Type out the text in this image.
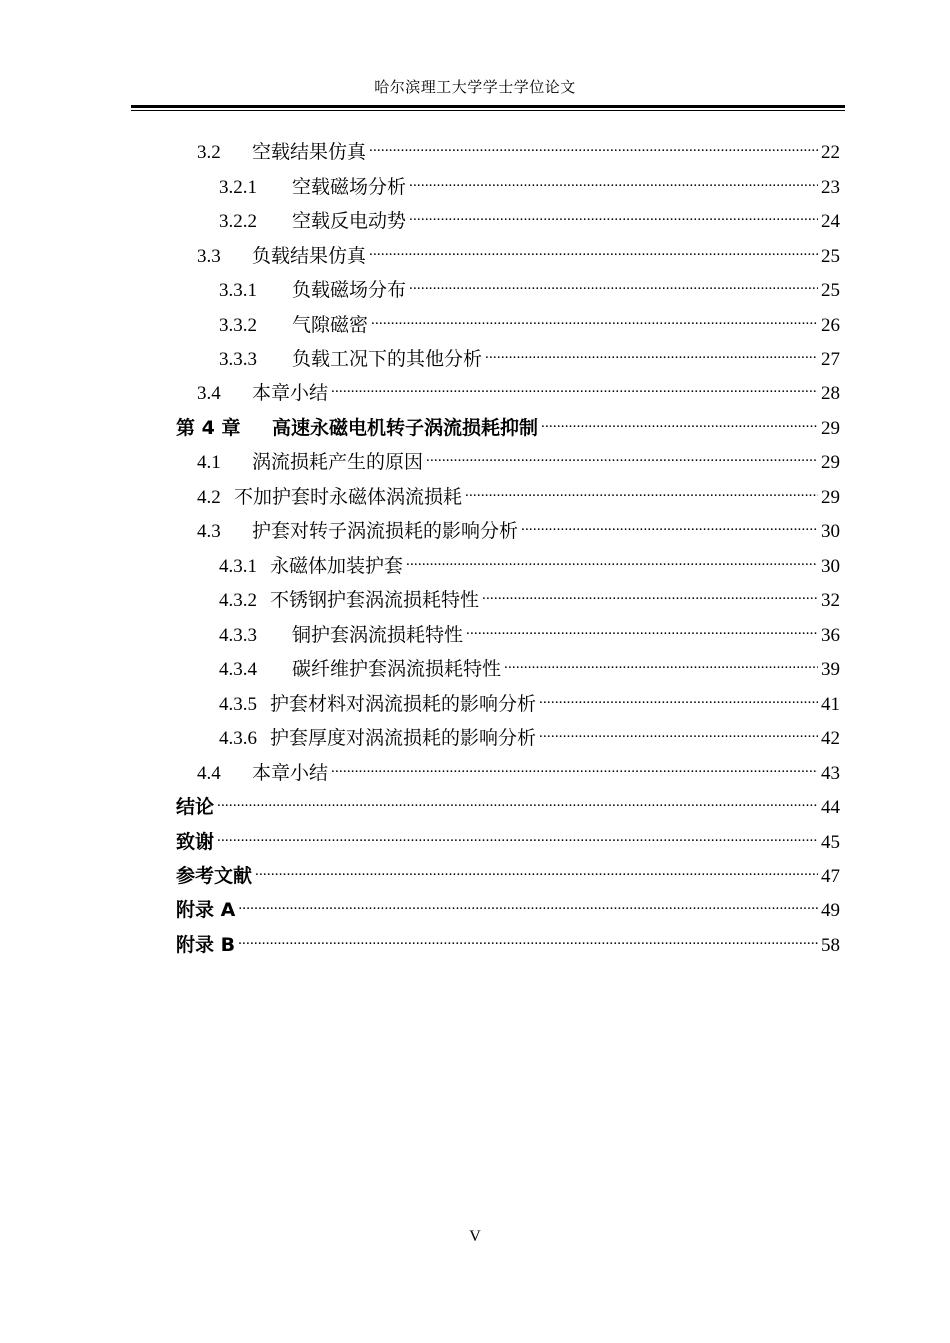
哈尔滨理工大学学士学位论文
3.2	空载结果仿真 .....	22
3.2.1	空载磁场分析 .....	23
3.2.2	空载反电动势 .....	24
3.3	负载结果仿真 .....	25
3.3.1	负载磁场分布 .....	25
3.3.2	气隙磁密 .....	26
3.3.3	负载工况下的其他分析 .....	27
3.4	本章小结 .....	28
第 4 章	高速永磁电机转子涡流损耗抑制 .....	29
4.1	涡流损耗产生的原因 .....	29
4.2 不加护套时永磁体涡流损耗 .....	29
4.3	护套对转子涡流损耗的影响分析 .....	30
4.3.1 永磁体加装护套 .....	30
4.3.2 不锈钢护套涡流损耗特性 .....	32
4.3.3	铜护套涡流损耗特性 .....	36
4.3.4	碳纤维护套涡流损耗特性 .....	39
4.3.5 护套材料对涡流损耗的影响分析 .....	41
4.3.6 护套厚度对涡流损耗的影响分析 .....	42
4.4	本章小结 .....	43
结论 .....	44
致谢 .....	45
参考文献 .....	47
附录 A .....	49
附录 B .....	58
V
